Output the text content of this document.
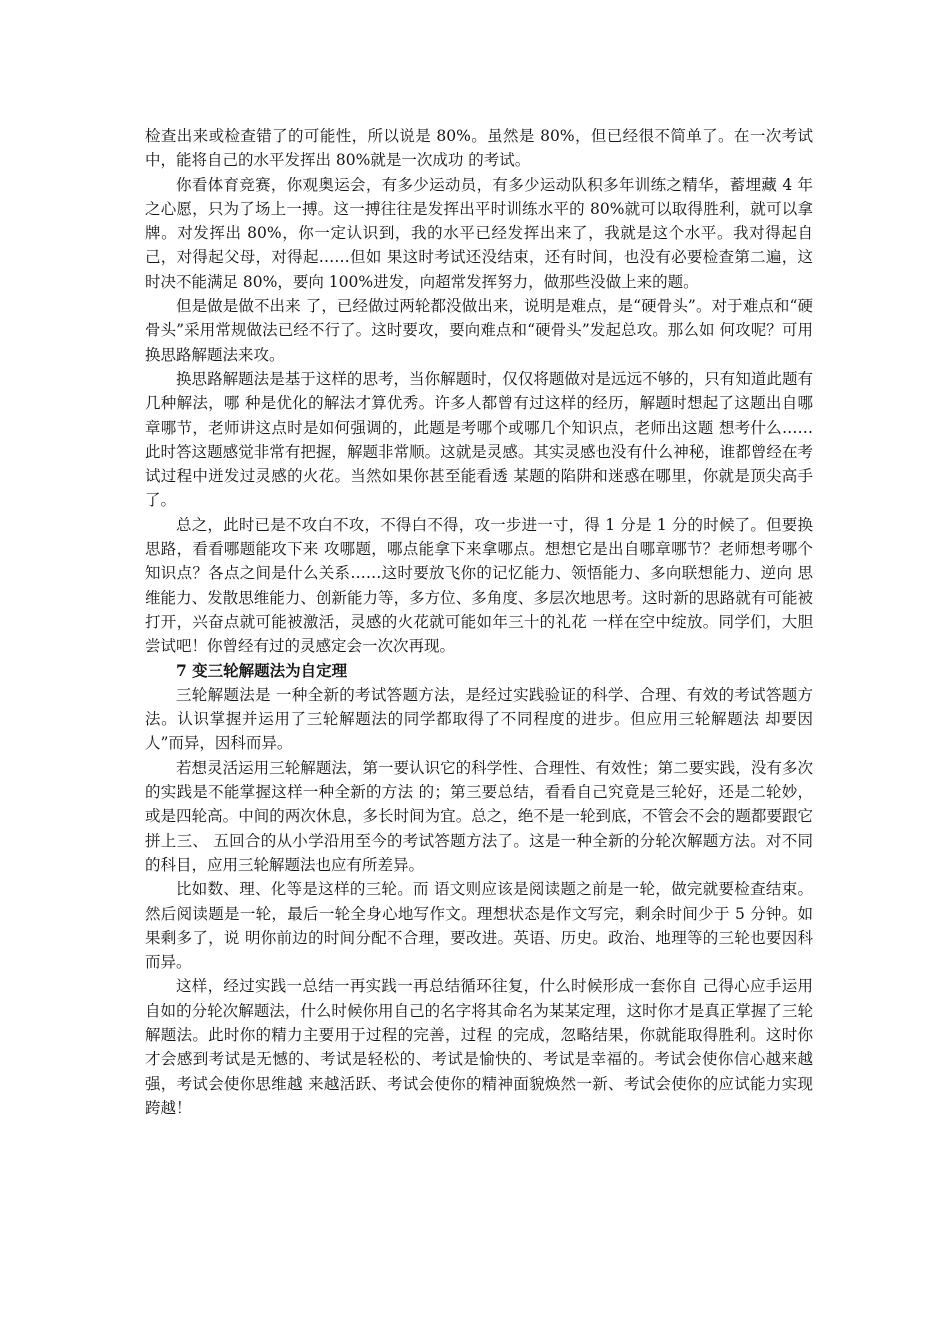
检查出来或检查错了的可能性，所以说是 80%。虽然是 80%，但已经很不简单了。在一次考试中，能将自己的水平发挥出 80%就是一次成功 的考试。

你看体育竞赛，你观奥运会，有多少运动员，有多少运动队积多年训练之精华，蓄埋藏 4 年之心愿，只为了场上一搏。这一搏往往是发挥出平时训练水平的 80%就可以取得胜利，就可以拿牌。对发挥出 80%，你一定认识到，我的水平已经发挥出来了，我就是这个水平。我对得起自己，对得起父母，对得起……但如 果这时考试还没结束，还有时间，也没有必要检查第二遍，这时决不能满足 80%，要向 100%进发，向超常发挥努力，做那些没做上来的题。

但是做是做不出来 了，已经做过两轮都没做出来，说明是难点，是“硬骨头”。对于难点和“硬骨头”采用常规做法已经不行了。这时要攻，要向难点和“硬骨头”发起总攻。那么如 何攻呢？可用换思路解题法来攻。

换思路解题法是基于这样的思考，当你解题时，仅仅将题做对是远远不够的，只有知道此题有几种解法，哪 种是优化的解法才算优秀。许多人都曾有过这样的经历，解题时想起了这题出自哪章哪节，老师讲这点时是如何强调的，此题是考哪个或哪几个知识点，老师出这题 想考什么……此时答这题感觉非常有把握，解题非常顺。这就是灵感。其实灵感也没有什么神秘，谁都曾经在考试过程中迸发过灵感的火花。当然如果你甚至能看透 某题的陷阱和迷惑在哪里，你就是顶尖高手了。

总之，此时已是不攻白不攻，不得白不得，攻一步进一寸，得 1 分是 1 分的时候了。但要换思路，看看哪题能攻下来 攻哪题，哪点能拿下来拿哪点。想想它是出自哪章哪节？老师想考哪个知识点？各点之间是什么关系……这时要放飞你的记忆能力、领悟能力、多向联想能力、逆向 思维能力、发散思维能力、创新能力等，多方位、多角度、多层次地思考。这时新的思路就有可能被打开，兴奋点就可能被激活，灵感的火花就可能如年三十的礼花 一样在空中绽放。同学们，大胆尝试吧！你曾经有过的灵感定会一次次再现。

7 变三轮解题法为自定理

三轮解题法是 一种全新的考试答题方法，是经过实践验证的科学、合理、有效的考试答题方法。认识掌握并运用了三轮解题法的同学都取得了不同程度的进步。但应用三轮解题法 却要因人”而异，因科而异。

若想灵活运用三轮解题法，第一要认识它的科学性、合理性、有效性；第二要实践，没有多次的实践是不能掌握这样一种全新的方法 的；第三要总结，看看自己究竟是三轮好，还是二轮妙，或是四轮高。中间的两次休息，多长时间为宜。总之，绝不是一轮到底，不管会不会的题都要跟它拼上三、 五回合的从小学沿用至今的考试答题方法了。这是一种全新的分轮次解题方法。对不同的科目，应用三轮解题法也应有所差异。

比如数、理、化等是这样的三轮。而 语文则应该是阅读题之前是一轮，做完就要检查结束。然后阅读题是一轮，最后一轮全身心地写作文。理想状态是作文写完，剩余时间少于 5 分钟。如果剩多了，说 明你前边的时间分配不合理，要改进。英语、历史。政治、地理等的三轮也要因科而异。

这样，经过实践一总结一再实践一再总结循环往复，什么时候形成一套你自 己得心应手运用自如的分轮次解题法，什么时候你用自己的名字将其命名为某某定理，这时你才是真正掌握了三轮解题法。此时你的精力主要用于过程的完善，过程 的完成，忽略结果，你就能取得胜利。这时你才会感到考试是无憾的、考试是轻松的、考试是愉快的、考试是幸福的。考试会使你信心越来越强，考试会使你思维越 来越活跃、考试会使你的精神面貌焕然一新、考试会使你的应试能力实现跨越！
